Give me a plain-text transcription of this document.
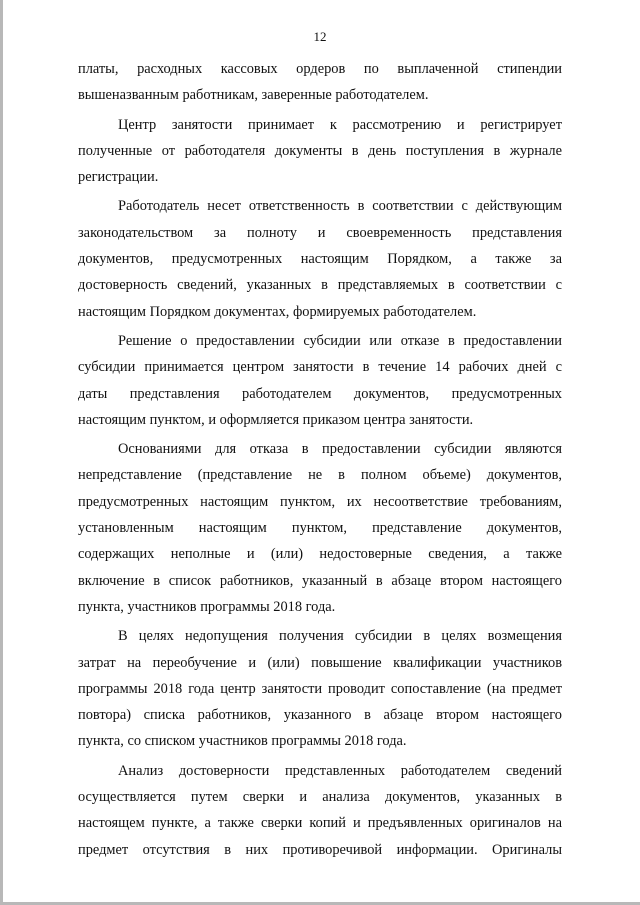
12
платы, расходных кассовых ордеров по выплаченной стипендии
вышеназванным работникам, заверенные работодателем.
Центр занятости принимает к рассмотрению и регистрирует
полученные от работодателя документы в день поступления в журнале
регистрации.
Работодатель несет ответственность в соответствии с действующим
законодательством за полноту и своевременность представления
документов, предусмотренных настоящим Порядком, а также за
достоверность сведений, указанных в представляемых в соответствии с
настоящим Порядком документах, формируемых работодателем.
Решение о предоставлении субсидии или отказе в предоставлении
субсидии принимается центром занятости в течение 14 рабочих дней с
даты представления работодателем документов, предусмотренных
настоящим пунктом, и оформляется приказом центра занятости.
Основаниями для отказа в предоставлении субсидии являются
непредставление (представление не в полном объеме) документов,
предусмотренных настоящим пунктом, их несоответствие требованиям,
установленным настоящим пунктом, представление документов,
содержащих неполные и (или) недостоверные сведения, а также
включение в список работников, указанный в абзаце втором настоящего
пункта, участников программы 2018 года.
В целях недопущения получения субсидии в целях возмещения
затрат на переобучение и (или) повышение квалификации участников
программы 2018 года центр занятости проводит сопоставление (на предмет
повтора) списка работников, указанного в абзаце втором настоящего
пункта, со списком участников программы 2018 года.
Анализ достоверности представленных работодателем сведений
осуществляется путем сверки и анализа документов, указанных в
настоящем пункте, а также сверки копий и предъявленных оригиналов на
предмет отсутствия в них противоречивой информации. Оригиналы
